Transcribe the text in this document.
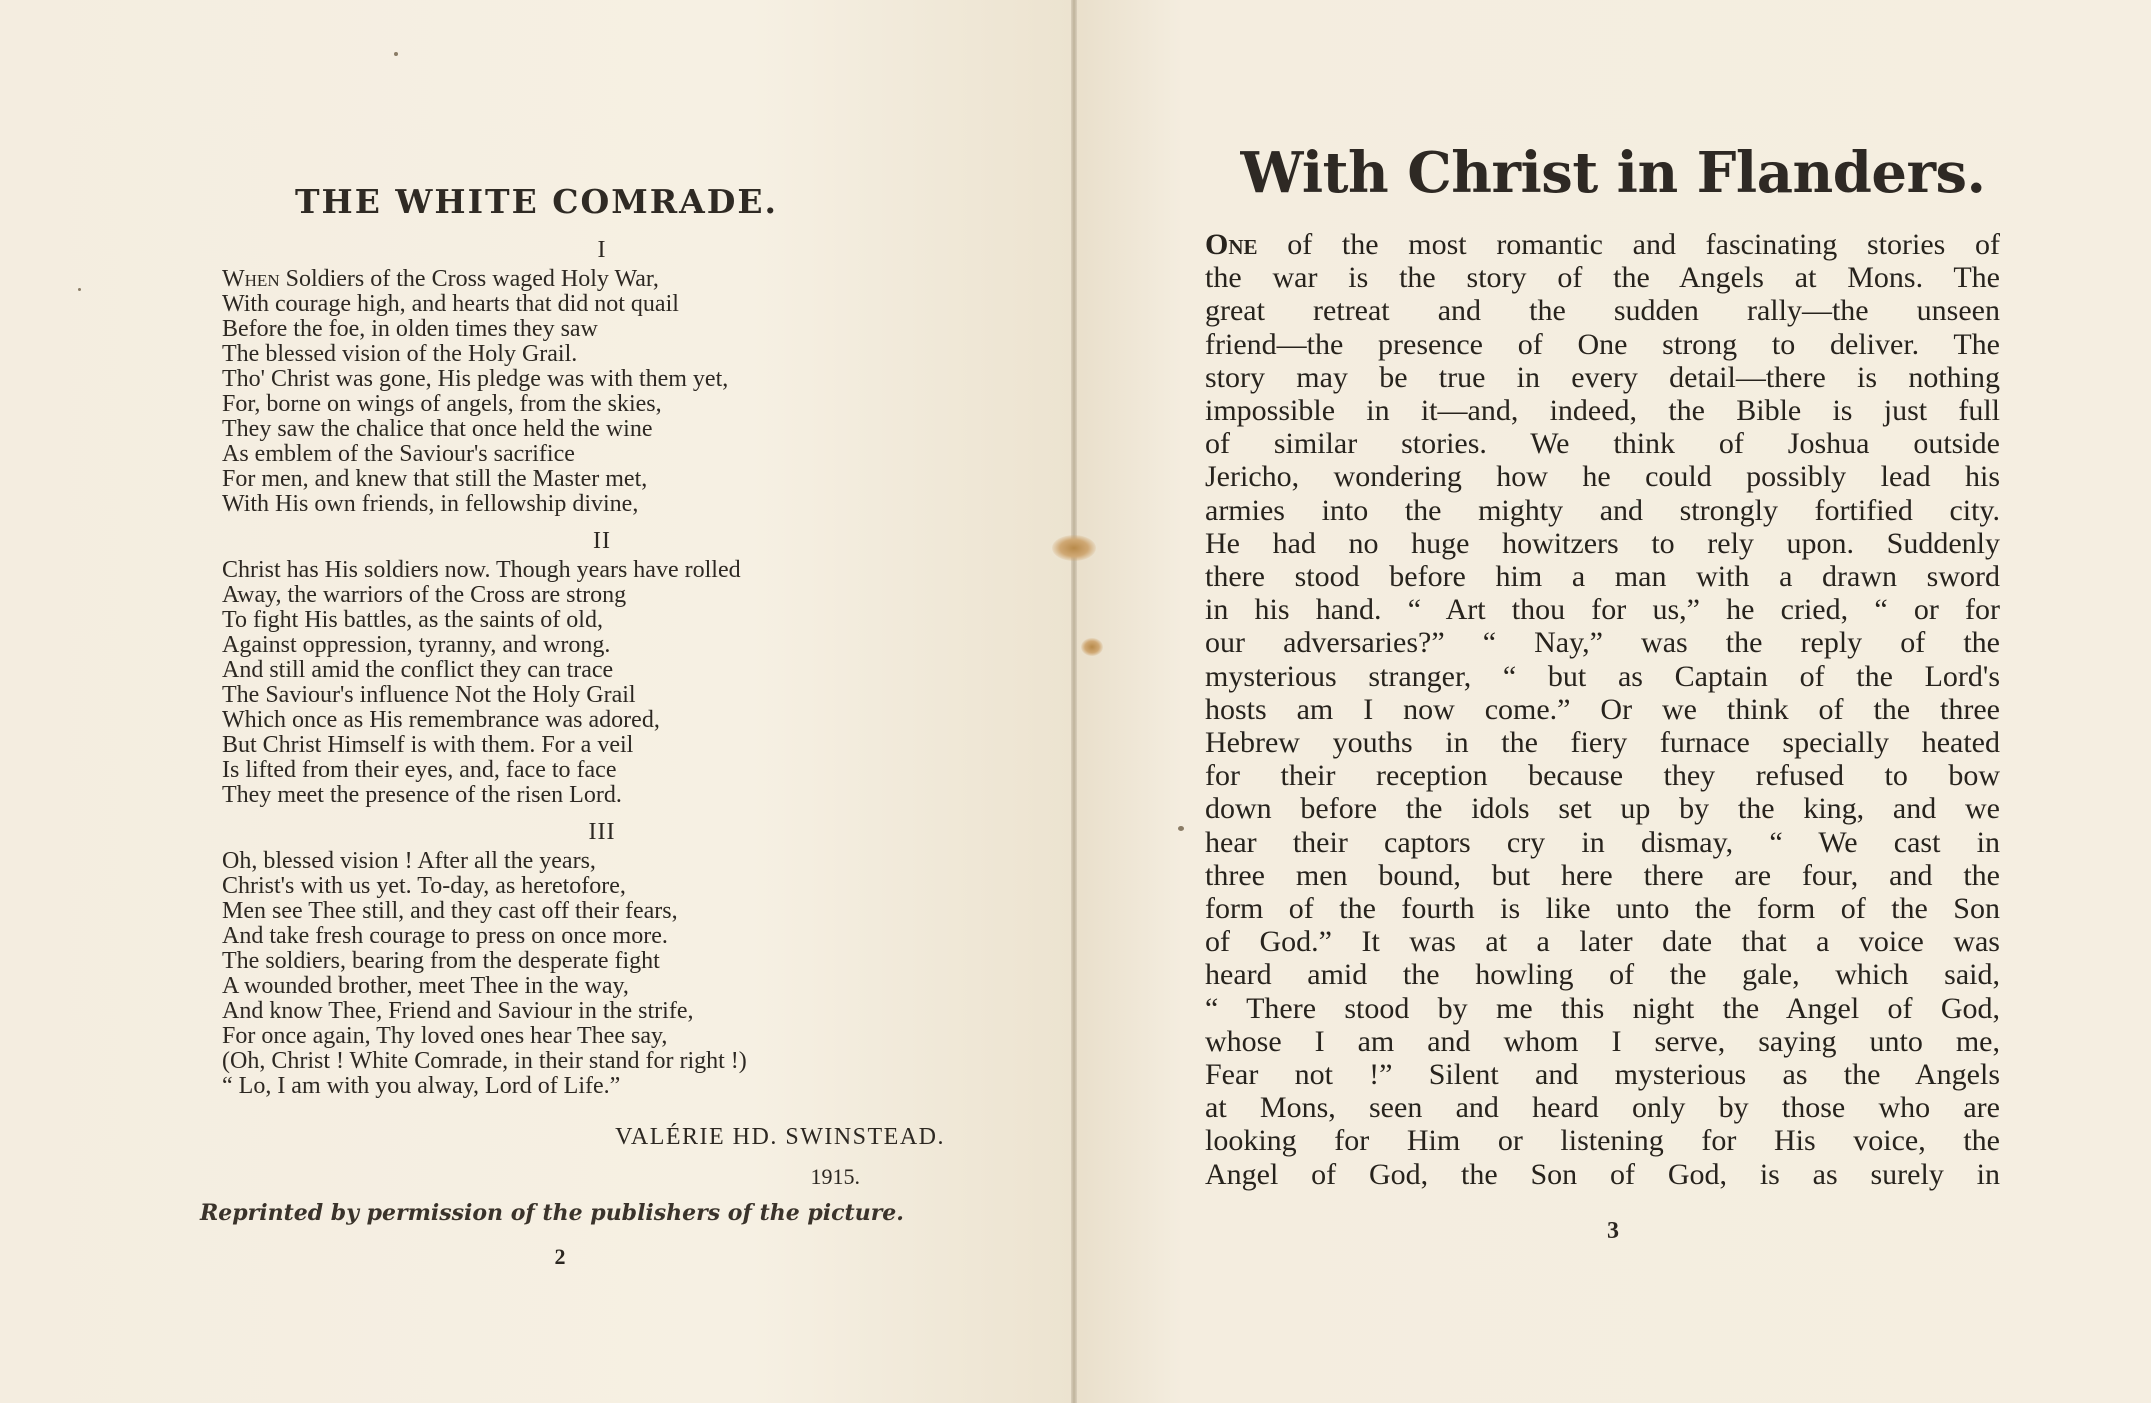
THE WHITE COMRADE.
I
When Soldiers of the Cross waged Holy War,
With courage high, and hearts that did not quail
Before the foe, in olden times they saw
The blessed vision of the Holy Grail.
Tho' Christ was gone, His pledge was with them yet,
For, borne on wings of angels, from the skies,
They saw the chalice that once held the wine
As emblem of the Saviour's sacrifice
For men, and knew that still the Master met,
With His own friends, in fellowship divine,
II
Christ has His soldiers now. Though years have rolled
Away, the warriors of the Cross are strong
To fight His battles, as the saints of old,
Against oppression, tyranny, and wrong.
And still amid the conflict they can trace
The Saviour's influence Not the Holy Grail
Which once as His remembrance was adored,
But Christ Himself is with them. For a veil
Is lifted from their eyes, and, face to face
They meet the presence of the risen Lord.
III
Oh, blessed vision ! After all the years,
Christ's with us yet. To-day, as heretofore,
Men see Thee still, and they cast off their fears,
And take fresh courage to press on once more.
The soldiers, bearing from the desperate fight
A wounded brother, meet Thee in the way,
And know Thee, Friend and Saviour in the strife,
For once again, Thy loved ones hear Thee say,
(Oh, Christ ! White Comrade, in their stand for right !)
“ Lo, I am with you alway, Lord of Life.”
VALÉRIE HD. SWINSTEAD.
1915.
Reprinted by permission of the publishers of the picture.
2
With Christ in Flanders.
One of the most romantic and fascinating stories of
the war is the story of the Angels at Mons. The
great retreat and the sudden rally—the unseen
friend—the presence of One strong to deliver. The
story may be true in every detail—there is nothing
impossible in it—and, indeed, the Bible is just full
of similar stories. We think of Joshua outside
Jericho, wondering how he could possibly lead his
armies into the mighty and strongly fortified city.
He had no huge howitzers to rely upon. Suddenly
there stood before him a man with a drawn sword
in his hand. “ Art thou for us,” he cried, “ or for
our adversaries?” “ Nay,” was the reply of the
mysterious stranger, “ but as Captain of the Lord's
hosts am I now come.” Or we think of the three
Hebrew youths in the fiery furnace specially heated
for their reception because they refused to bow
down before the idols set up by the king, and we
hear their captors cry in dismay, “ We cast in
three men bound, but here there are four, and the
form of the fourth is like unto the form of the Son
of God.” It was at a later date that a voice was
heard amid the howling of the gale, which said,
“ There stood by me this night the Angel of God,
whose I am and whom I serve, saying unto me,
Fear not !” Silent and mysterious as the Angels
at Mons, seen and heard only by those who are
looking for Him or listening for His voice, the
Angel of God, the Son of God, is as surely in
3
